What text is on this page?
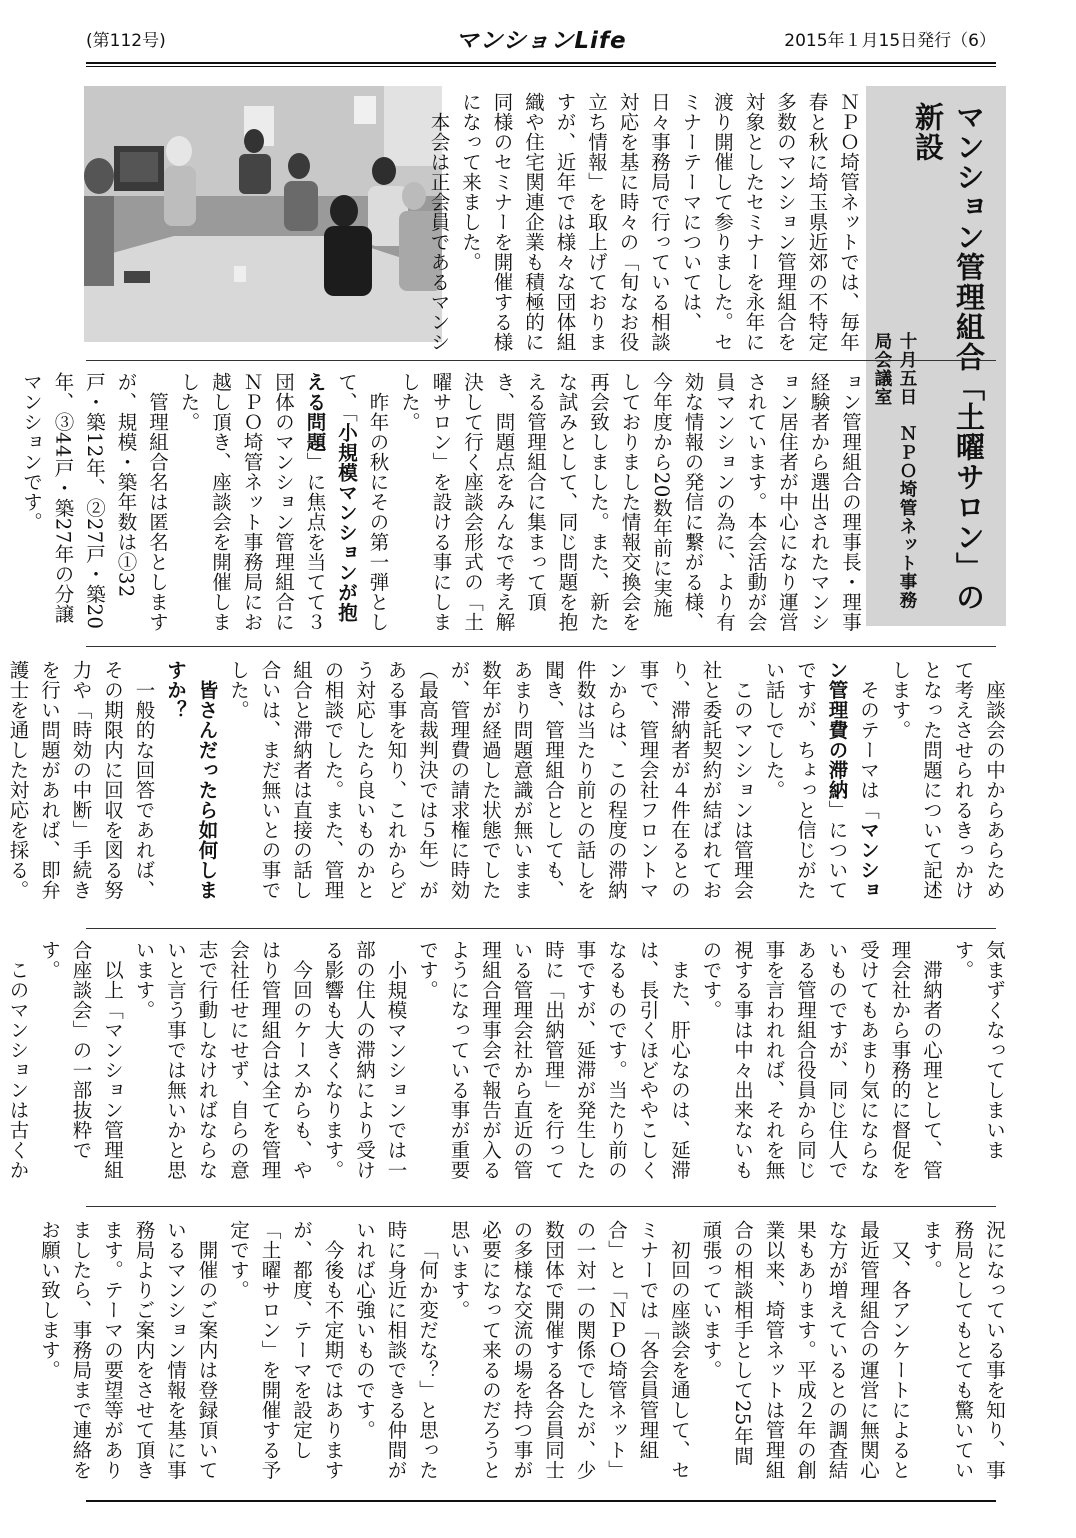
(第112号)	マンションLife	2015年１月15日発行（6）
マンション管理組合「土曜サロン」の新設
十月五日　ＮＰＯ埼管ネット事務局会議室

ＮＰＯ埼管ネットでは、毎年春と秋に埼玉県近郊の不特定多数のマンション管理組合を対象としたセミナーを永年に渡り開催して参りました。セミナーテーマについては、日々事務局で行っている相談対応を基に時々の「旬なお役立ち情報」を取上げておりますが、近年では様々な団体組織や住宅関連企業も積極的に同様のセミナーを開催する様になって来ました。

本会は正会員であるマンシ

ョン管理組合の理事長・理事経験者から選出されたマンション居住者が中心になり運営されています。本会活動が会員マンションの為に、より有効な情報の発信に繋がる様、今年度から20数年前に実施しておりました情報交換会を再会致しました。また、新たな試みとして、同じ問題を抱える管理組合に集まって頂き、問題点をみんなで考え解決して行く座談会形式の「土曜サロン」を設ける事にしました。

昨年の秋にその第一弾として、「小規模マンションが抱える問題」に焦点を当てて３団体のマンション管理組合にＮＰＯ埼管ネット事務局にお越し頂き、座談会を開催しました。

管理組合名は匿名としますが、規模・築年数は①32戸・築12年、②27戸・築20年、③44戸・築27年の分譲マンションです。

座談会の中からあらためて考えさせられるきっかけとなった問題について記述します。

そのテーマは「マンション管理費の滞納」についてですが、ちょっと信じがたい話しでした。

このマンションは管理会社と委託契約が結ばれており、滞納者が４件在るとの事で、管理会社フロントマンからは、この程度の滞納件数は当たり前との話しを聞き、管理組合としても、あまり問題意識が無いまま数年が経過した状態でしたが、管理費の請求権に時効（最高裁判決では５年）がある事を知り、これからどう対応したら良いものかとの相談でした。また、管理組合と滞納者は直接の話し合いは、まだ無いとの事でした。

皆さんだったら如何しますか？

一般的な回答であれば、その期限内に回収を図る努力や「時効の中断」手続きを行い問題があれば、即弁護士を通した対応を採る。

気まずくなってしまいます。

滞納者の心理として、管理会社から事務的に督促を受けてもあまり気にならないものですが、同じ住人である管理組合役員から同じ事を言われれば、それを無視する事は中々出来ないものです。

また、肝心なのは、延滞は、長引くほどややこしくなるものです。当たり前の事ですが、延滞が発生した時に「出納管理」を行っている管理会社から直近の管理組合理事会で報告が入るようになっている事が重要です。

小規模マンションでは一部の住人の滞納により受ける影響も大きくなります。

今回のケースからも、やはり管理組合は全てを管理会社任せにせず、自らの意志で行動しなければならないと言う事では無いかと思います。

以上「マンション管理組合座談会」の一部抜粋です。

このマンションは古くか

況になっている事を知り、事務局としてもとても驚いています。

又、各アンケートによると最近管理組合の運営に無関心な方が増えているとの調査結果もあります。平成２年の創業以来、埼管ネットは管理組合の相談相手として25年間頑張っています。

初回の座談会を通して、セミナーでは「各会員管理組合」と「ＮＰＯ埼管ネット」の一対一の関係でしたが、少数団体で開催する各会員同士の多様な交流の場を持つ事が必要になって来るのだろうと思います。

「何か変だな？」と思った時に身近に相談できる仲間がいれば心強いものです。

今後も不定期ではありますが、都度、テーマを設定し「土曜サロン」を開催する予定です。

開催のご案内は登録頂いているマンション情報を基に事務局よりご案内をさせて頂きます。テーマの要望等がありましたら、事務局まで連絡をお願い致します。
